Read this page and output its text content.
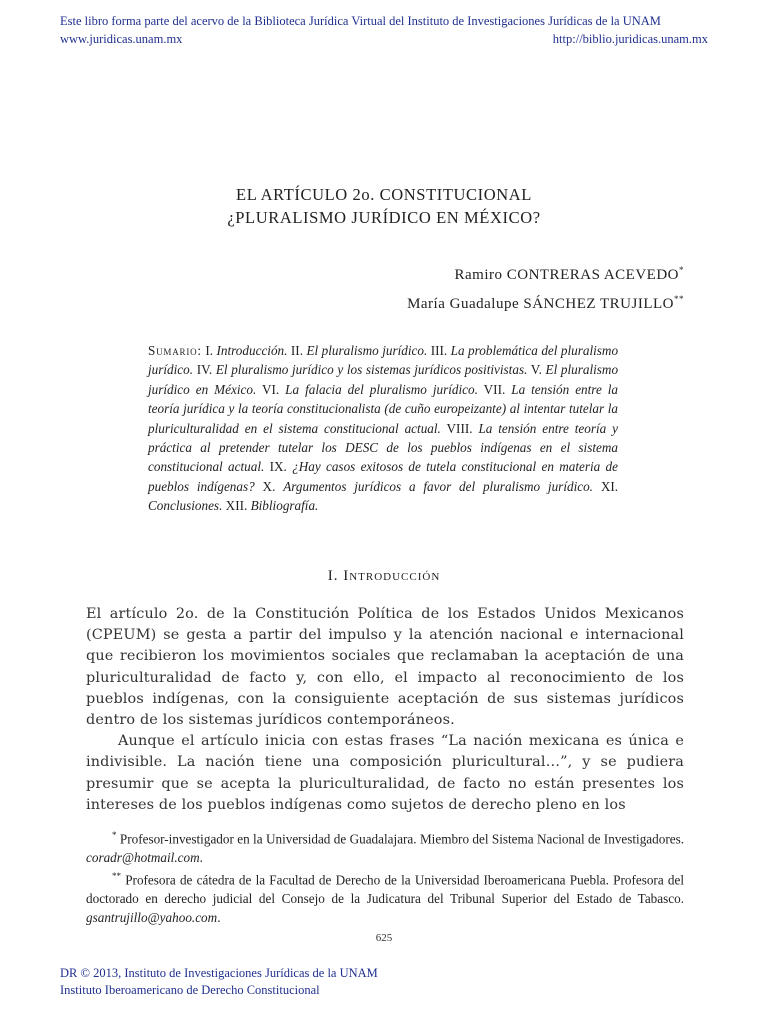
Este libro forma parte del acervo de la Biblioteca Jurídica Virtual del Instituto de Investigaciones Jurídicas de la UNAM
www.juridicas.unam.mx	http://biblio.juridicas.unam.mx
EL ARTÍCULO 2o. CONSTITUCIONAL
¿PLURALISMO JURÍDICO EN MÉXICO?
Ramiro CONTRERAS ACEVEDO*
María Guadalupe SÁNCHEZ TRUJILLO**
Sumario: I. Introducción. II. El pluralismo jurídico. III. La problemática del pluralismo jurídico. IV. El pluralismo jurídico y los sistemas jurídicos positivistas. V. El pluralismo jurídico en México. VI. La falacia del pluralismo jurídico. VII. La tensión entre la teoría jurídica y la teoría constitucionalista (de cuño europeizante) al intentar tutelar la pluriculturalidad en el sistema constitucional actual. VIII. La tensión entre teoría y práctica al pretender tutelar los DESC de los pueblos indígenas en el sistema constitucional actual. IX. ¿Hay casos exitosos de tutela constitucional en materia de pueblos indígenas? X. Argumentos jurídicos a favor del pluralismo jurídico. XI. Conclusiones. XII. Bibliografía.
I. Introducción

El artículo 2o. de la Constitución Política de los Estados Unidos Mexicanos (CPEUM) se gesta a partir del impulso y la atención nacional e internacional que recibieron los movimientos sociales que reclamaban la aceptación de una pluriculturalidad de facto y, con ello, el impacto al reconocimiento de los pueblos indígenas, con la consiguiente aceptación de sus sistemas jurídicos dentro de los sistemas jurídicos contemporáneos.

Aunque el artículo inicia con estas frases “La nación mexicana es única e indivisible. La nación tiene una composición pluricultural…”, y se pudiera presumir que se acepta la pluriculturalidad, de facto no están presentes los intereses de los pueblos indígenas como sujetos de derecho pleno en los

* Profesor-investigador en la Universidad de Guadalajara. Miembro del Sistema Nacional de Investigadores. coradr@hotmail.com.

** Profesora de cátedra de la Facultad de Derecho de la Universidad Iberoamericana Puebla. Profesora del doctorado en derecho judicial del Consejo de la Judicatura del Tribunal Superior del Estado de Tabasco. gsantrujillo@yahoo.com.

625
DR © 2013, Instituto de Investigaciones Jurídicas de la UNAM
Instituto Iberoamericano de Derecho Constitucional
